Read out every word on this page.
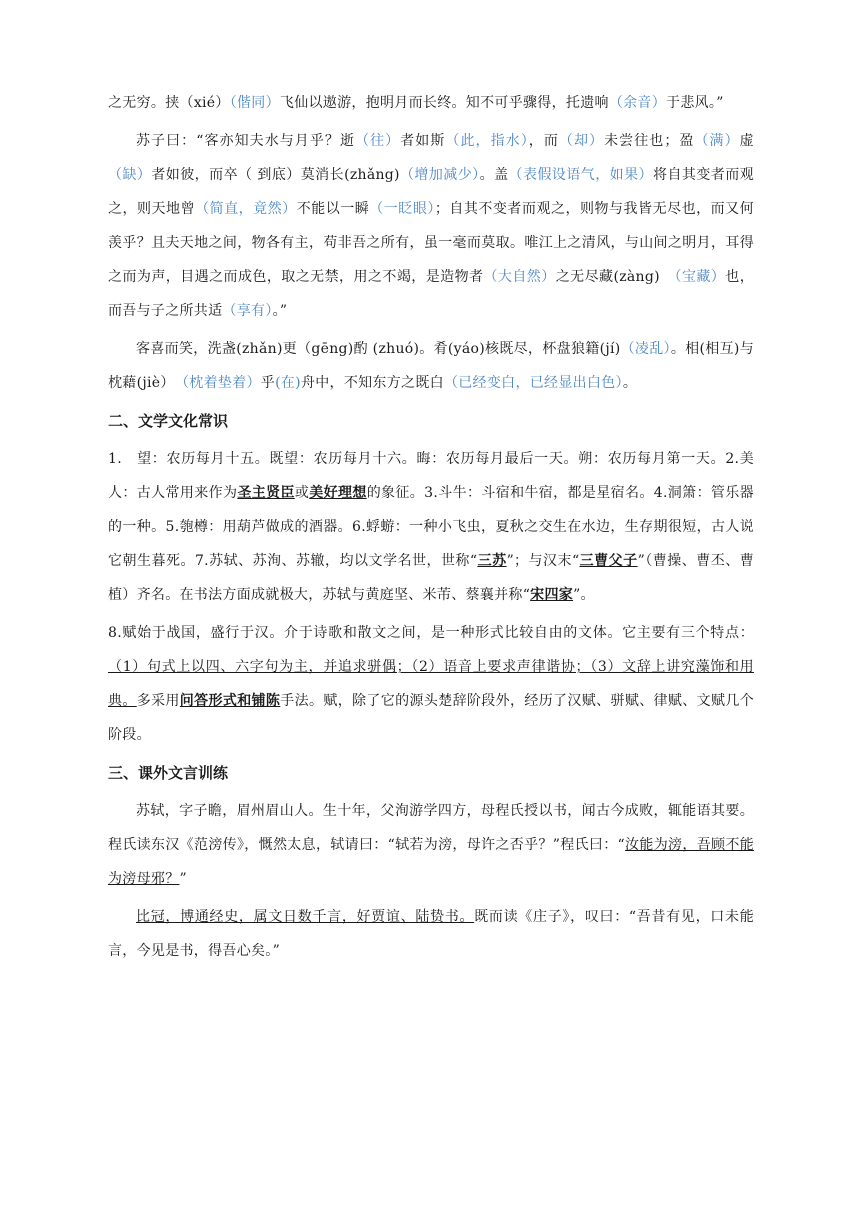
之无穷。挟（xié）（偕同）飞仙以遨游，抱明月而长终。知不可乎骤得，托遗响（余音）于悲风。”

苏子曰：“客亦知夫水与月乎？逝（往）者如斯（此，指水），而（却）未尝往也；盈（满）虚（缺）者如彼，而卒（ 到底）莫消长(zhǎng)（增加减少）。盖（表假设语气，如果）将自其变者而观之，则天地曾（简直，竟然）不能以一瞬（一眨眼）；自其不变者而观之，则物与我皆无尽也，而又何羡乎？且夫天地之间，物各有主，苟非吾之所有，虽一毫而莫取。唯江上之清风，与山间之明月，耳得之而为声，目遇之而成色，取之无禁，用之不竭，是造物者（大自然）之无尽藏(zàng)　 （宝藏）也，而吾与子之所共适（享有）。”

客喜而笑，洗盏(zhǎn)更（gēng)酌 (zhuó)。肴(yáo)核既尽，杯盘狼籍(jí)（凌乱）。相(相互)与枕藉(jiè）　（枕着垫着）乎(在)舟中，不知东方之既白（已经变白，已经显出白色）。

二、文学文化常识

1.　望：农历每月十五。既望：农历每月十六。晦：农历每月最后一天。朔：农历每月第一天。2.美人：古人常用来作为圣主贤臣或美好理想的象征。3.斗牛：斗宿和牛宿，都是星宿名。4.洞箫：管乐器的一种。5.匏樽：用葫芦做成的酒器。6.蜉蝣：一种小飞虫，夏秋之交生在水边，生存期很短，古人说它朝生暮死。7.苏轼、苏洵、苏辙，均以文学名世，世称“三苏”；与汉末“三曹父子”（曹操、曹丕、曹植）齐名。在书法方面成就极大，苏轼与黄庭坚、米芾、蔡襄并称“宋四家”。

8.赋始于战国，盛行于汉。介于诗歌和散文之间，是一种形式比较自由的文体。它主要有三个特点：（1）句式上以四、六字句为主，并追求骈偶；（2）语音上要求声律谐协；（3）文辞上讲究藻饰和用典。多采用问答形式和铺陈手法。赋，除了它的源头楚辞阶段外，经历了汉赋、骈赋、律赋、文赋几个阶段。

三、课外文言训练

苏轼，字子瞻，眉州眉山人。生十年，父洵游学四方，母程氏授以书，闻古今成败，辄能语其要。程氏读东汉《范滂传》，慨然太息，轼请曰：“轼若为滂，母许之否乎？”程氏曰：“汝能为滂，吾顾不能为滂母邪？”

比冠，博通经史，属文日数千言，好贾谊、陆贽书。既而读《庄子》，叹曰：“吾昔有见，口未能言，今见是书，得吾心矣。”
